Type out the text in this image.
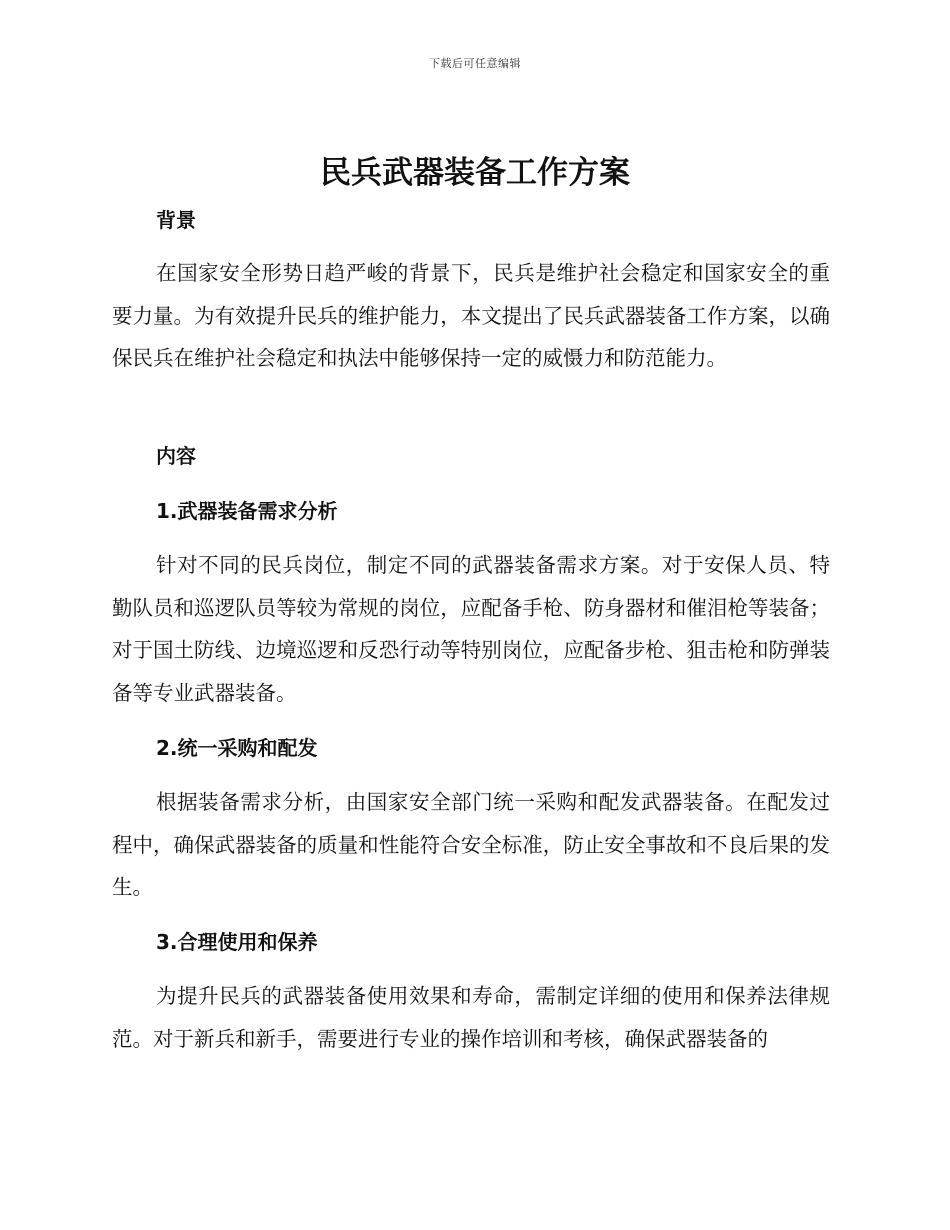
下载后可任意编辑
民兵武器装备工作方案
背景

在国家安全形势日趋严峻的背景下，民兵是维护社会稳定和国家安全的重要力量。为有效提升民兵的维护能力，本文提出了民兵武器装备工作方案，以确保民兵在维护社会稳定和执法中能够保持一定的威慑力和防范能力。

内容
1.武器装备需求分析

针对不同的民兵岗位，制定不同的武器装备需求方案。对于安保人员、特勤队员和巡逻队员等较为常规的岗位，应配备手枪、防身器材和催泪枪等装备；对于国土防线、边境巡逻和反恐行动等特别岗位，应配备步枪、狙击枪和防弹装备等专业武器装备。

2.统一采购和配发

根据装备需求分析，由国家安全部门统一采购和配发武器装备。在配发过程中，确保武器装备的质量和性能符合安全标准，防止安全事故和不良后果的发生。

3.合理使用和保养

为提升民兵的武器装备使用效果和寿命，需制定详细的使用和保养法律规范。对于新兵和新手，需要进行专业的操作培训和考核，确保武器装备的
